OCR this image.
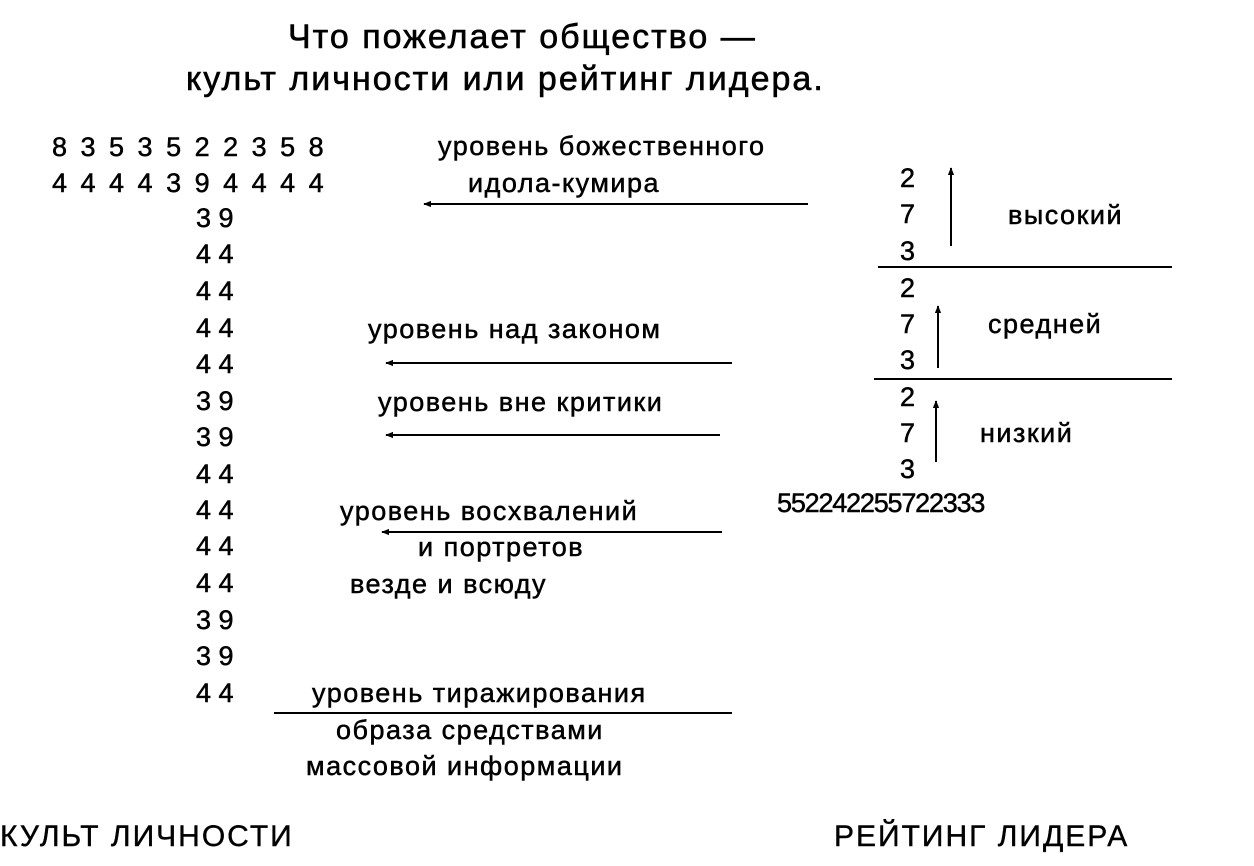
Что пожелает общество —
культ личности или рейтинг лидера.
8 3 5 3 5 2 2 3 5 8
4 4 4 4 3 9 4 4 4 4
3 9
4 4
4 4
4 4
4 4
3 9
3 9
4 4
4 4
4 4
4 4
3 9
3 9
4 4
уровень божественного
идола-кумира
уровень над законом
уровень вне критики
уровень восхвалений
и портретов
везде и всюду
уровень тиражирования
образа средствами
массовой информации
2
7
3
2
7
3
2
7
3
высокий
средней
низкий
552242255722333
КУЛЬТ ЛИЧНОСТИ	РЕЙТИНГ ЛИДЕРА
